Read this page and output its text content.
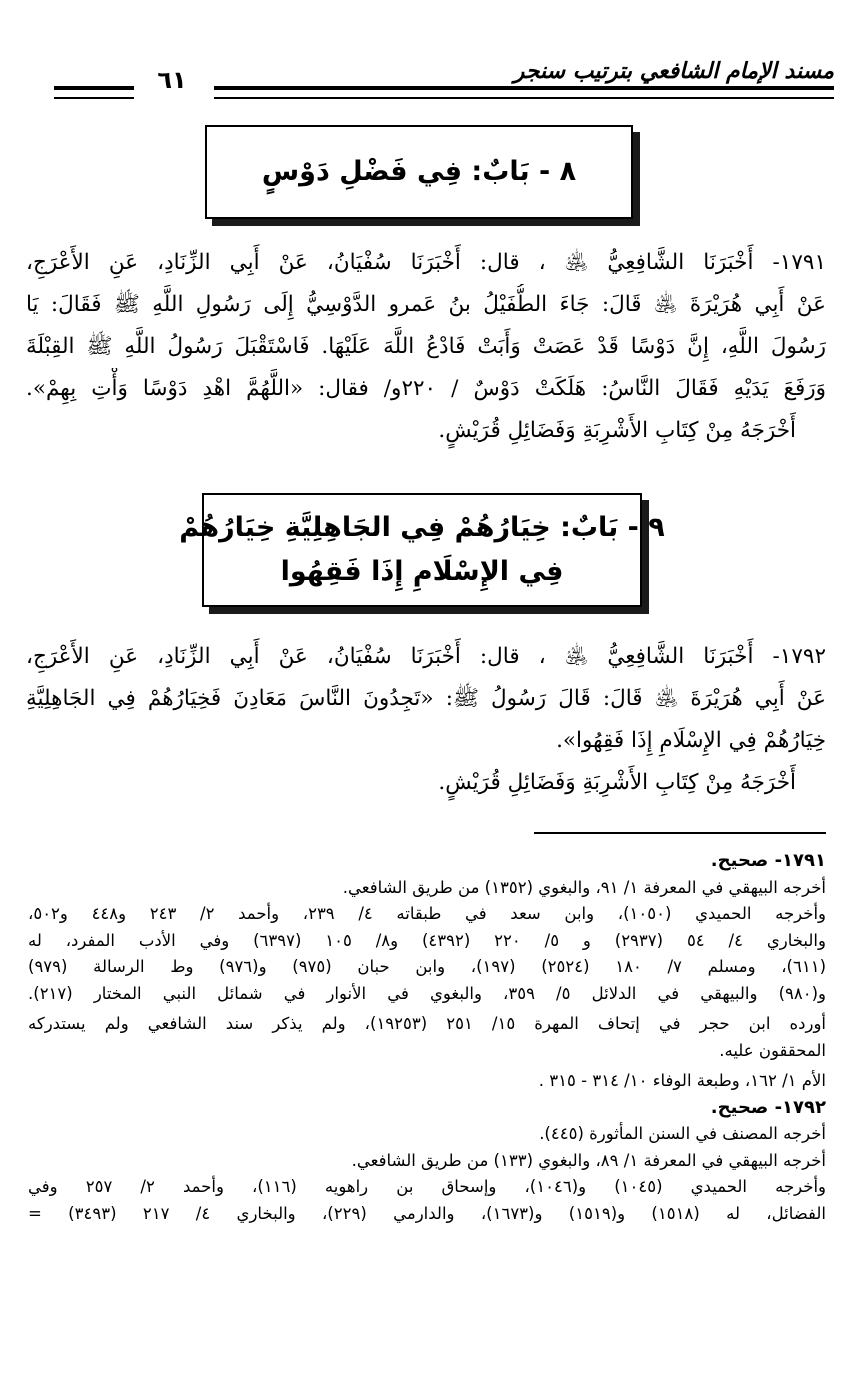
مسند الإمام الشافعي بترتيب سنجر
٦١
٨ - بَابٌ: فِي فَضْلِ دَوْسٍ
١٧٩١- أَخْبَرَنَا الشَّافِعِيُّ ﵁ ، قال: أَخْبَرَنَا سُفْيَانُ، عَنْ أَبِي الزِّنَادِ، عَنِ الأَعْرَجِ،
عَنْ أَبِي هُرَيْرَةَ ﵁ قَالَ: جَاءَ الطُّفَيْلُ بنُ عَمرو الدَّوْسِيُّ إِلَى رَسُولِ اللَّهِ ﷺ فَقَالَ: يَا
رَسُولَ اللَّهِ، إِنَّ دَوْسًا قَدْ عَصَتْ وَأَبَتْ فَادْعُ اللَّهَ عَلَيْهَا. فَاسْتَقْبَلَ رَسُولُ اللَّهِ ﷺ القِبْلَةَ
وَرَفَعَ يَدَيْهِ فَقَالَ النَّاسُ: هَلَكَتْ دَوْسٌ / ٢٢٠و/ فقال: «اللَّهُمَّ اهْدِ دَوْسًا وَأْتِ بِهِمْ».
أَخْرَجَهُ مِنْ كِتَابِ الأَشْرِبَةِ وَفَضَائِلِ قُرَيْشٍ.
٩ - بَابٌ: خِيَارُهُمْ فِي الجَاهِلِيَّةِ خِيَارُهُمْ
فِي الإِسْلَامِ إِذَا فَقِهُوا
١٧٩٢- أَخْبَرَنَا الشَّافِعِيُّ ﵁ ، قال: أَخْبَرَنَا سُفْيَانُ، عَنْ أَبِي الزِّنَادِ، عَنِ الأَعْرَجِ،
عَنْ أَبِي هُرَيْرَةَ ﵁ قَالَ: قَالَ رَسُولُ ﷺ: «تَجِدُونَ النَّاسَ مَعَادِنَ فَخِيَارُهُمْ فِي الجَاهِلِيَّةِ
خِيَارُهُمْ فِي الإِسْلَامِ إِذَا فَقِهُوا».
أَخْرَجَهُ مِنْ كِتَابِ الأَشْرِبَةِ وَفَضَائِلِ قُرَيْشٍ.
١٧٩١- صحيح.
أخرجه البيهقي في المعرفة ١/ ٩١، والبغوي (١٣٥٢) من طريق الشافعي.
وأخرجه الحميدي (١٠٥٠)، وابن سعد في طبقاته ٤/ ٢٣٩، وأحمد ٢/ ٢٤٣ و٤٤٨ و٥٠٢،
والبخاري ٤/ ٥٤ (٢٩٣٧) و ٥/ ٢٢٠ (٤٣٩٢) و٨/ ١٠٥ (٦٣٩٧) وفي الأدب المفرد، له
(٦١١)، ومسلم ٧/ ١٨٠ (٢٥٢٤) (١٩٧)، وابن حبان (٩٧٥) و(٩٧٦) وط الرسالة (٩٧٩)
و(٩٨٠) والبيهقي في الدلائل ٥/ ٣٥٩، والبغوي في الأنوار في شمائل النبي المختار (٢١٧).
أورده ابن حجر في إتحاف المهرة ١٥/ ٢٥١ (١٩٢٥٣)، ولم يذكر سند الشافعي ولم يستدركه
المحققون عليه.
الأم ١/ ١٦٢، وطبعة الوفاء ١٠/ ٣١٤ - ٣١٥ .
١٧٩٢- صحيح.
أخرجه المصنف في السنن المأثورة (٤٤٥).
أخرجه البيهقي في المعرفة ١/ ٨٩، والبغوي (١٣٣) من طريق الشافعي.
وأخرجه الحميدي (١٠٤٥) و(١٠٤٦)، وإسحاق بن راهويه (١١٦)، وأحمد ٢/ ٢٥٧ وفي
الفضائل، له (١٥١٨) و(١٥١٩) و(١٦٧٣)، والدارمي (٢٢٩)، والبخاري ٤/ ٢١٧ (٣٤٩٣) =
